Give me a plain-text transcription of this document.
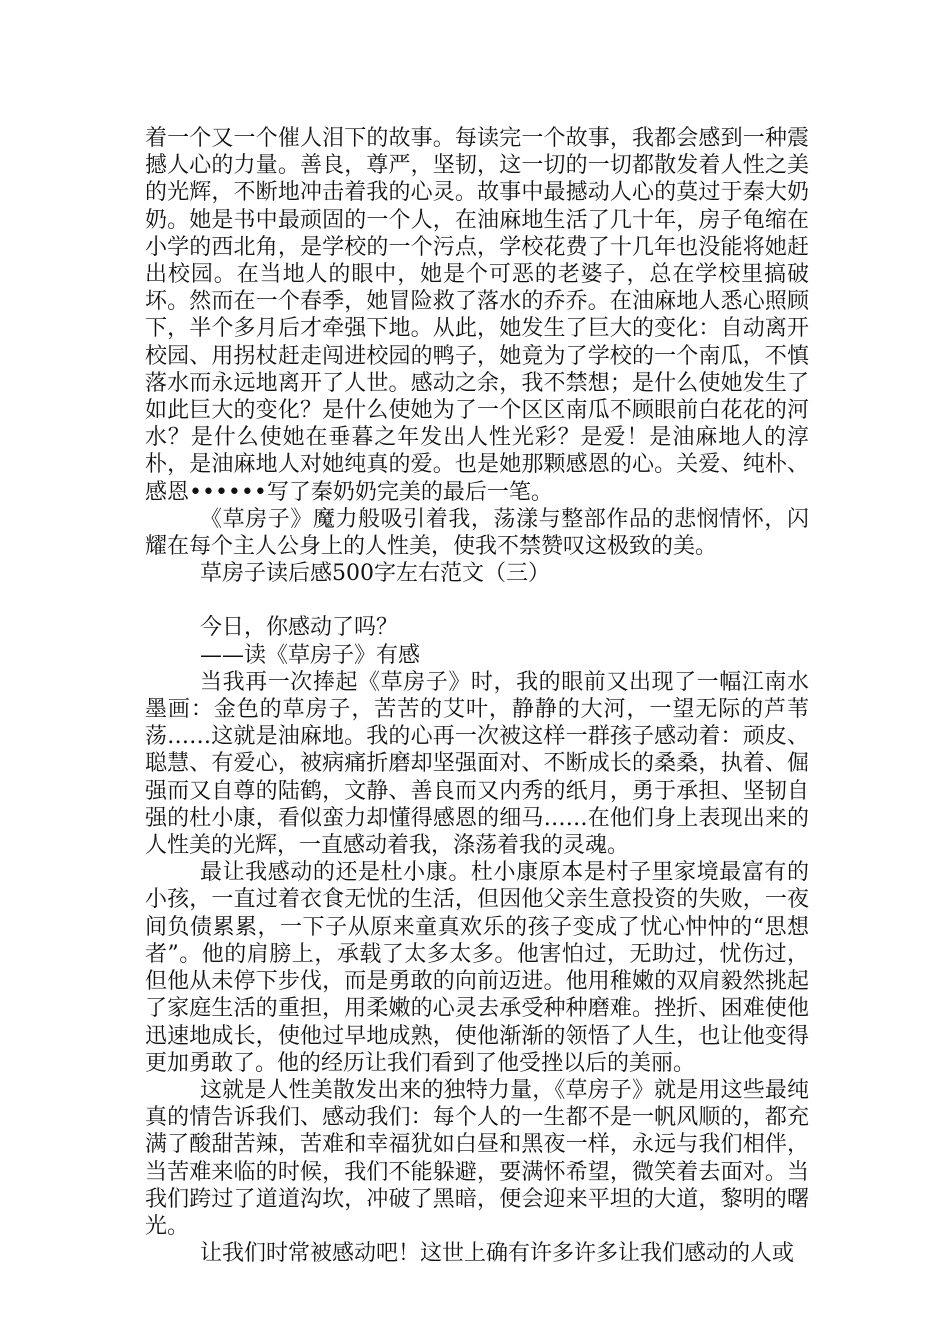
着一个又一个催人泪下的故事。每读完一个故事，我都会感到一种震撼人心的力量。善良，尊严，坚韧，这一切的一切都散发着人性之美的光辉，不断地冲击着我的心灵。故事中最撼动人心的莫过于秦大奶奶。她是书中最顽固的一个人，在油麻地生活了几十年，房子龟缩在小学的西北角，是学校的一个污点，学校花费了十几年也没能将她赶出校园。在当地人的眼中，她是个可恶的老婆子，总在学校里搞破坏。然而在一个春季，她冒险救了落水的乔乔。在油麻地人悉心照顾下，半个多月后才牵强下地。从此，她发生了巨大的变化：自动离开校园、用拐杖赶走闯进校园的鸭子，她竟为了学校的一个南瓜，不慎落水而永远地离开了人世。感动之余，我不禁想；是什么使她发生了如此巨大的变化？是什么使她为了一个区区南瓜不顾眼前白花花的河水？是什么使她在垂暮之年发出人性光彩？是爱！是油麻地人的淳朴，是油麻地人对她纯真的爱。也是她那颗感恩的心。关爱、纯朴、感恩••••••写了秦奶奶完美的最后一笔。

《草房子》魔力般吸引着我，荡漾与整部作品的悲悯情怀，闪耀在每个主人公身上的人性美，使我不禁赞叹这极致的美。

草房子读后感500字左右范文（三）

今日，你感动了吗？

——读《草房子》有感

当我再一次捧起《草房子》时，我的眼前又出现了一幅江南水墨画：金色的草房子，苦苦的艾叶，静静的大河，一望无际的芦苇荡……这就是油麻地。我的心再一次被这样一群孩子感动着：顽皮、聪慧、有爱心，被病痛折磨却坚强面对、不断成长的桑桑，执着、倔强而又自尊的陆鹤，文静、善良而又内秀的纸月，勇于承担、坚韧自强的杜小康，看似蛮力却懂得感恩的细马……在他们身上表现出来的人性美的光辉，一直感动着我，涤荡着我的灵魂。

最让我感动的还是杜小康。杜小康原本是村子里家境最富有的小孩，一直过着衣食无忧的生活，但因他父亲生意投资的失败，一夜间负债累累，一下子从原来童真欢乐的孩子变成了忧心忡忡的“思想者”。他的肩膀上，承载了太多太多。他害怕过，无助过，忧伤过，但他从未停下步伐，而是勇敢的向前迈进。他用稚嫩的双肩毅然挑起了家庭生活的重担，用柔嫩的心灵去承受种种磨难。挫折、困难使他迅速地成长，使他过早地成熟，使他渐渐的领悟了人生，也让他变得更加勇敢了。他的经历让我们看到了他受挫以后的美丽。

这就是人性美散发出来的独特力量，《草房子》就是用这些最纯真的情告诉我们、感动我们：每个人的一生都不是一帆风顺的，都充满了酸甜苦辣，苦难和幸福犹如白昼和黑夜一样，永远与我们相伴，当苦难来临的时候，我们不能躲避，要满怀希望，微笑着去面对。当我们跨过了道道沟坎，冲破了黑暗，便会迎来平坦的大道，黎明的曙光。

让我们时常被感动吧！这世上确有许多许多让我们感动的人或
